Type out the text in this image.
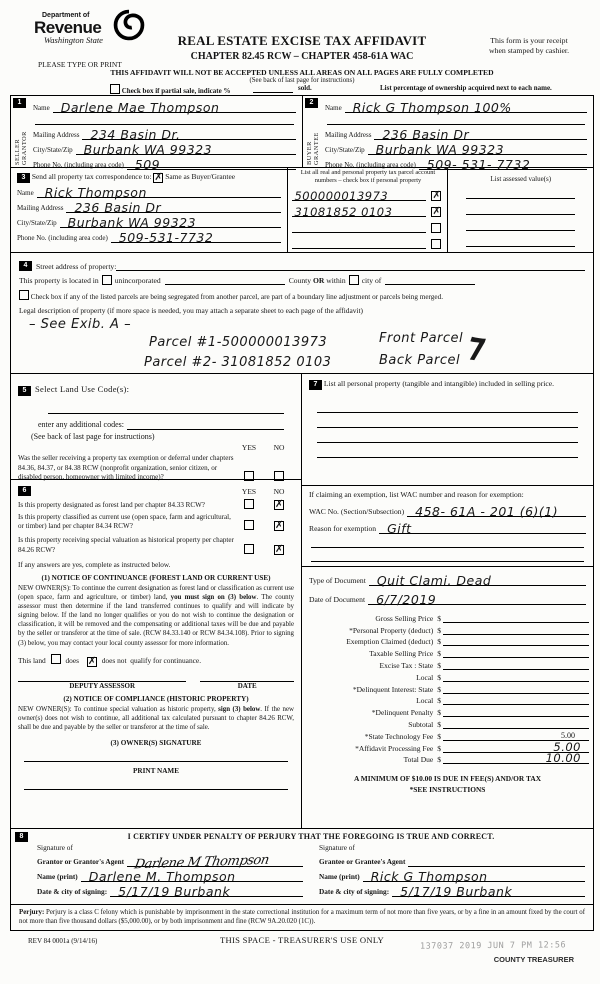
Department of
Revenue
Washington State
PLEASE TYPE OR PRINT
REAL ESTATE EXCISE TAX AFFIDAVIT
CHAPTER 82.45 RCW – CHAPTER 458-61A WAC
This form is your receipt
when stamped by cashier.
THIS AFFIDAVIT WILL NOT BE ACCEPTED UNLESS ALL AREAS ON ALL PAGES ARE FULLY COMPLETED
(See back of last page for instructions)
Check box if partial sale, indicate %	sold.	List percentage of ownership acquired next to each name.
1
SELLER GRANTOR
Name Darlene Mae Thompson
Mailing Address 234 Basin Dr.
City/State/Zip Burbank WA 99323
Phone No. (including area code) 509
2
BUYER GRANTEE
Name Rick G Thompson 100%
Mailing Address 236 Basin Dr
City/State/Zip Burbank WA 99323
Phone No. (including area code) 509- 531- 7732
3 Send all property tax correspondence to: ✗ Same as Buyer/Grantee
Name Rick Thompson
Mailing Address 236 Basin Dr
City/State/Zip Burbank WA 99323
Phone No. (including area code) 509-531-7732
List all real and personal property tax parcel account
numbers – check box if personal property
500000013973	✗
31081852 0103	✗
List assessed value(s)
4	Street address of property:
This property is located in unincorporated	County
OR
within city of
Check box if any of the listed parcels are being segregated from another parcel, are part of a boundary line adjustment or parcels being merged.
Legal description of property (if more space is needed, you may attach a separate sheet to each page of the affidavit)
– See Exib. A –
Parcel #1-500000013973	Front Parcel
Parcel #2- 31081852 0103	Back Parcel ⁊
5 Select Land Use Code(s):
enter any additional codes:
(See back of last page for instructions)
YES	NO
Was the seller receiving a property tax exemption or deferral under chapters 84.36, 84.37, or 84.38 RCW (nonprofit organization, senior citizen, or disabled person, homeowner with limited income)?
6	YES	NO
Is this property designated as forest land per chapter 84.33 RCW?	✗
Is this property classified as current use (open space, farm and agricultural, or timber) land per chapter 84.34 RCW?	✗
Is this property receiving special valuation as historical property per chapter 84.26 RCW?	✗
If any answers are yes, complete as instructed below.
(1) NOTICE OF CONTINUANCE (FOREST LAND OR CURRENT USE)
NEW OWNER(S): To continue the current designation as forest land or classification as current use (open space, farm and agriculture, or timber) land, you must sign on (3) below. The county assessor must then determine if the land transferred continues to qualify and will indicate by signing below. If the land no longer qualifies or you do not wish to continue the designation or classification, it will be removed and the compensating or additional taxes will be due and payable by the seller or transferor at the time of sale. (RCW 84.33.140 or RCW 84.34.108). Prior to signing (3) below, you may contact your local county assessor for more information.
This land	does ✗ does not qualify for continuance.
DEPUTY ASSESSOR	DATE
(2) NOTICE OF COMPLIANCE (HISTORIC PROPERTY)
NEW OWNER(S): To continue special valuation as historic property, sign (3) below. If the new owner(s) does not wish to continue, all additional tax calculated pursuant to chapter 84.26 RCW, shall be due and payable by the seller or transferor at the time of sale.
(3) OWNER(S) SIGNATURE
PRINT NAME
7 List all personal property (tangible and intangible) included in selling price.
If claiming an exemption, list WAC number and reason for exemption:
WAC No. (Section/Subsection) 458- 61A - 201 (6)(1)
Reason for exemption Gift
Type of Document Quit Clami. Dead
Date of Document 6/7/2019
Gross Selling Price $
*Personal Property (deduct) $
Exemption Claimed (deduct) $
Taxable Selling Price $
Excise Tax : State $
Local $
*Delinquent Interest: State $
Local $
*Delinquent Penalty $
Subtotal $
*State Technology Fee $	5.00
*Affidavit Processing Fee $	5.00
Total Due $	10.00
A MINIMUM OF $10.00 IS DUE IN FEE(S) AND/OR TAX
*SEE INSTRUCTIONS
8	I CERTIFY UNDER PENALTY OF PERJURY THAT THE FOREGOING IS TRUE AND CORRECT.
Signature of
Grantor or Grantor's Agent Darlene M Thompson
Name (print) Darlene M. Thompson
Date & city of signing: 5/17/19 Burbank
Signature of
Grantee or Grantee's Agent
Name (print) Rick G Thompson
Date & city of signing: 5/17/19 Burbank
Perjury: Perjury is a class C felony which is punishable by imprisonment in the state correctional institution for a maximum term of not more than five years, or by a fine in an amount fixed by the court of not more than five thousand dollars ($5,000.00), or by both imprisonment and fine (RCW 9A.20.020 (1C)).
REV 84 0001a (9/14/16)	THIS SPACE - TREASURER'S USE ONLY
137037 2019 JUN 7 PM 12:56
COUNTY TREASURER
